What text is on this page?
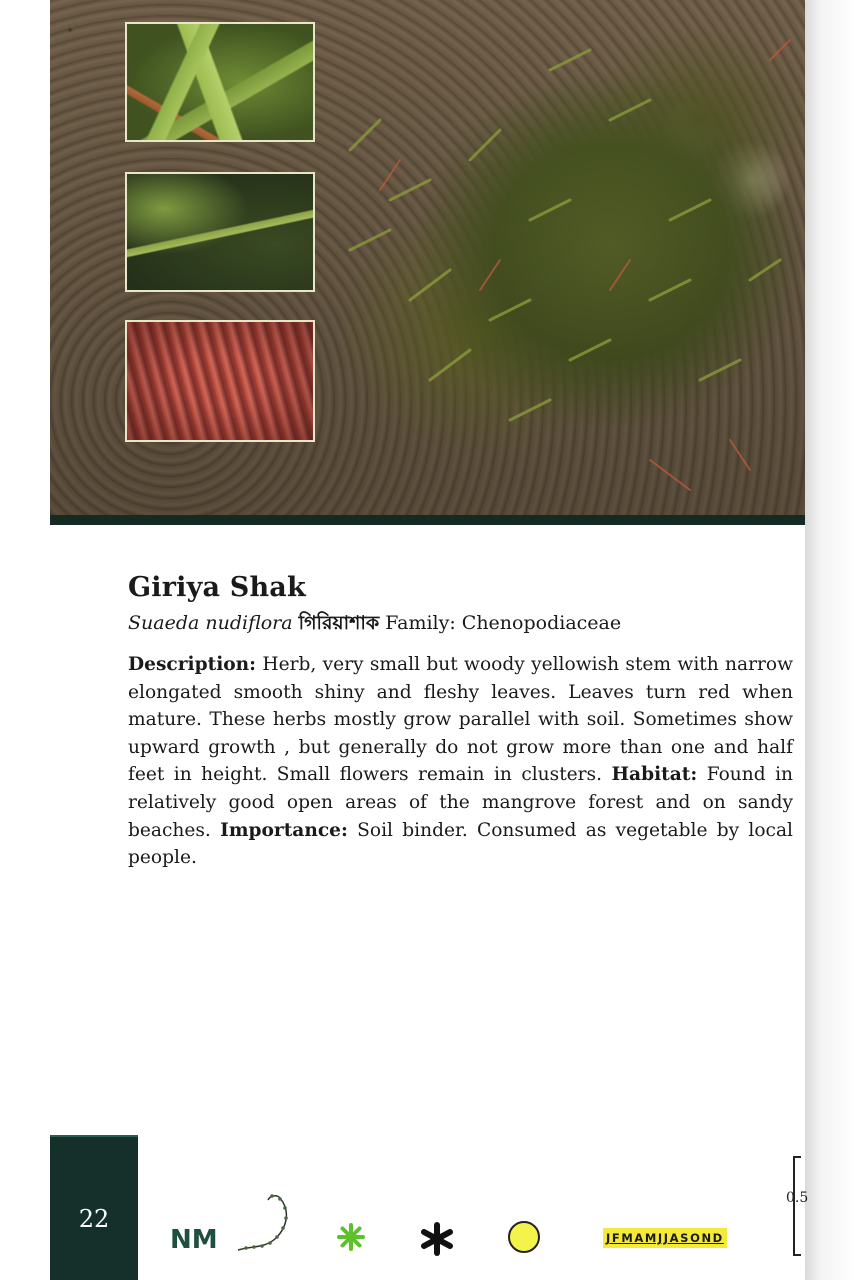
Giriya Shak

Suaeda nudiflora গিরিয়াশাক Family: Chenopodiaceae

Description: Herb, very small but woody yellowish stem with narrow elongated smooth shiny and fleshy leaves. Leaves turn red when mature. These herbs mostly grow parallel with soil. Sometimes show upward growth , but generally do not grow more than one and half feet in height. Small flowers remain in clusters. Habitat: Found in relatively good open areas of the mangrove forest and on sandy beaches. Importance: Soil binder. Consumed as vegetable by local people.

22
NM	JFMAMJJASOND
0.5
